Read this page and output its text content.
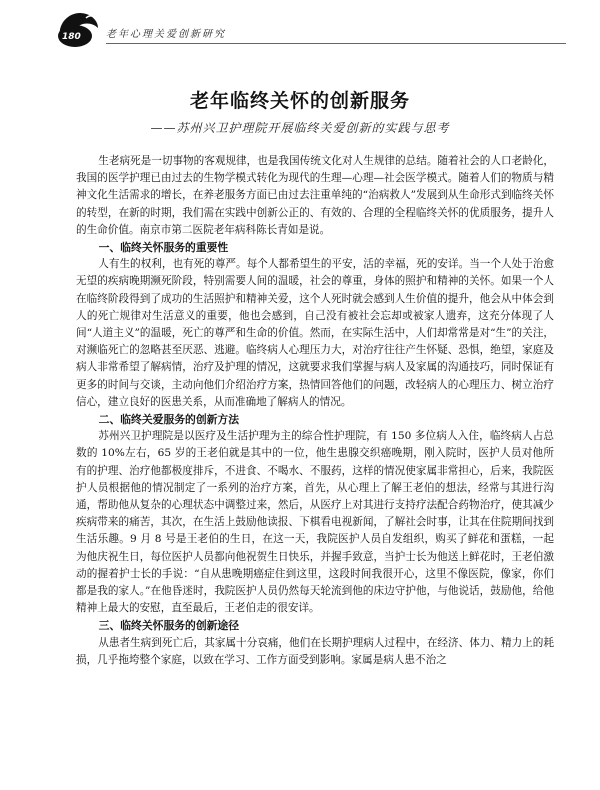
180	老年心理关爱创新研究
老年临终关怀的创新服务
——苏州兴卫护理院开展临终关爱创新的实践与思考

生老病死是一切事物的客观规律，也是我国传统文化对人生规律的总结。随着社会的人口老龄化，我国的医学护理已由过去的生物学模式转化为现代的生理—心理—社会医学模式。随着人们的物质与精神文化生活需求的增长，在养老服务方面已由过去注重单纯的“治病救人”发展到从生命形式到临终关怀的转型，在新的时期，我们需在实践中创新公正的、有效的、合理的全程临终关怀的优质服务，提升人的生命价值。南京市第二医院老年病科陈长青如是说。

一、临终关怀服务的重要性

人有生的权利，也有死的尊严。每个人都希望生的平安，活的幸福，死的安详。当一个人处于治愈无望的疾病晚期濒死阶段，特别需要人间的温暖，社会的尊重，身体的照护和精神的关怀。如果一个人在临终阶段得到了成功的生活照护和精神关爱，这个人死时就会感到人生价值的提升，他会从中体会到人的死亡规律对生活意义的重要，他也会感到，自己没有被社会忘却或被家人遗弃，这充分体现了人间“人道主义”的温暖，死亡的尊严和生命的价值。然而，在实际生活中，人们却常常是对“生”的关注，对濒临死亡的忽略甚至厌恶、逃避。临终病人心理压力大，对治疗往往产生怀疑、恐惧，绝望，家庭及病人非常希望了解病情，治疗及护理的情况，这就要求我们掌握与病人及家属的沟通技巧，同时保证有更多的时间与交谈，主动向他们介绍治疗方案，热情回答他们的问题，改轻病人的心理压力、树立治疗信心，建立良好的医患关系，从而准确地了解病人的情况。

二、临终关爱服务的创新方法

苏州兴卫护理院是以医疗及生活护理为主的综合性护理院，有 150 多位病人入住，临终病人占总数的 10%左右，65 岁的王老伯就是其中的一位，他生患腺交织癌晚期，刚入院时，医护人员对他所有的护理、治疗他都极度排斥，不进食、不喝水、不服药，这样的情况使家属非常担心，后来，我院医护人员根据他的情况制定了一系列的治疗方案，首先，从心理上了解王老伯的想法，经常与其进行沟通，帮助他从复杂的心理状态中调整过来，然后，从医疗上对其进行支持疗法配合药物治疗，使其减少疾病带来的痛苦，其次，在生活上鼓励他读报、下棋看电视新闻，了解社会时事，让其在住院期间找到生活乐趣。9 月 8 号是王老伯的生日，在这一天，我院医护人员自发组织，购买了鲜花和蛋糕，一起为他庆祝生日，每位医护人员都向他祝贺生日快乐，并握手致意，当护士长为他送上鲜花时，王老伯激动的握着护士长的手说：“自从患晚期癌症住到这里，这段时间我很开心，这里不像医院，像家，你们都是我的家人。”在他昏迷时，我院医护人员仍然每天轮流到他的床边守护他，与他说话，鼓励他，给他精神上最大的安慰，直至最后，王老伯走的很安详。

三、临终关怀服务的创新途径

从患者生病到死亡后，其家属十分哀痛，他们在长期护理病人过程中，在经济、体力、精力上的耗损，几乎拖垮整个家庭，以致在学习、工作方面受到影响。家属是病人患不治之
